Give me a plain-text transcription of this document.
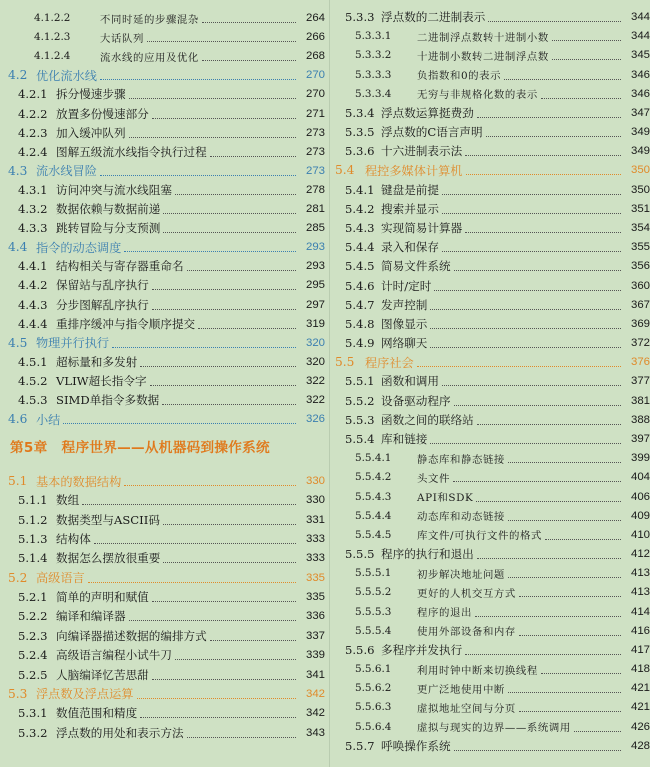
4.1.2.2	不同时延的步骤混杂	264
4.1.2.3	大话队列	266
4.1.2.4	流水线的应用及优化	268
4.2 优化流水线	270
4.2.1 拆分慢速步骤	270
4.2.2 放置多份慢速部分	271
4.2.3 加入缓冲队列	273
4.2.4 图解五级流水线指令执行过程	273
4.3 流水线冒险	273
4.3.1 访问冲突与流水线阻塞	278
4.3.2 数据依赖与数据前递	281
4.3.3 跳转冒险与分支预测	285
4.4 指令的动态调度	293
4.4.1 结构相关与寄存器重命名	293
4.4.2 保留站与乱序执行	295
4.4.3 分步图解乱序执行	297
4.4.4 重排序缓冲与指令顺序提交	319
4.5 物理并行执行	320
4.5.1 超标量和多发射	320
4.5.2 VLIW超长指令字	322
4.5.3 SIMD单指令多数据	322
4.6 小结	326
5.1 基本的数据结构	330
5.1.1 数组	330
5.1.2 数据类型与ASCII码	331
5.1.3 结构体	333
5.1.4 数据怎么摆放很重要	333
5.2 高级语言	335
5.2.1 简单的声明和赋值	335
5.2.2 编译和编译器	336
5.2.3 向编译器描述数据的编排方式	337
5.2.4 高级语言编程小试牛刀	339
5.2.5 人脑编译忆苦思甜	341
5.3 浮点数及浮点运算	342
5.3.1 数值范围和精度	342
5.3.2 浮点数的用处和表示方法	343
5.3.3 浮点数的二进制表示	344
5.3.3.1	二进制浮点数转十进制小数	344
5.3.3.2	十进制小数转二进制浮点数	345
5.3.3.3	负指数和0的表示	346
5.3.3.4	无穷与非规格化数的表示	346
5.3.4 浮点数运算挺费劲	347
5.3.5 浮点数的C语言声明	349
5.3.6 十六进制表示法	349
5.4 程控多媒体计算机	350
5.4.1 键盘是前提	350
5.4.2 搜索并显示	351
5.4.3 实现简易计算器	354
5.4.4 录入和保存	355
5.4.5 简易文件系统	356
5.4.6 计时/定时	360
5.4.7 发声控制	367
5.4.8 图像显示	369
5.4.9 网络聊天	372
5.5 程序社会	376
5.5.1 函数和调用	377
5.5.2 设备驱动程序	381
5.5.3 函数之间的联络站	388
5.5.4 库和链接	397
5.5.4.1	静态库和静态链接	399
5.5.4.2	头文件	404
5.5.4.3	API和SDK	406
5.5.4.4	动态库和动态链接	409
5.5.4.5	库文件/可执行文件的格式	410
5.5.5 程序的执行和退出	412
5.5.5.1	初步解决地址问题	413
5.5.5.2	更好的人机交互方式	413
5.5.5.3	程序的退出	414
5.5.5.4	使用外部设备和内存	416
5.5.6 多程序并发执行	417
5.5.6.1	利用时钟中断来切换线程	418
5.5.6.2	更广泛地使用中断	421
5.5.6.3	虚拟地址空间与分页	421
5.5.6.4	虚拟与现实的边界——系统调用	426
5.5.7 呼唤操作系统	428
第5章 程序世界——从机器码到操作系统
